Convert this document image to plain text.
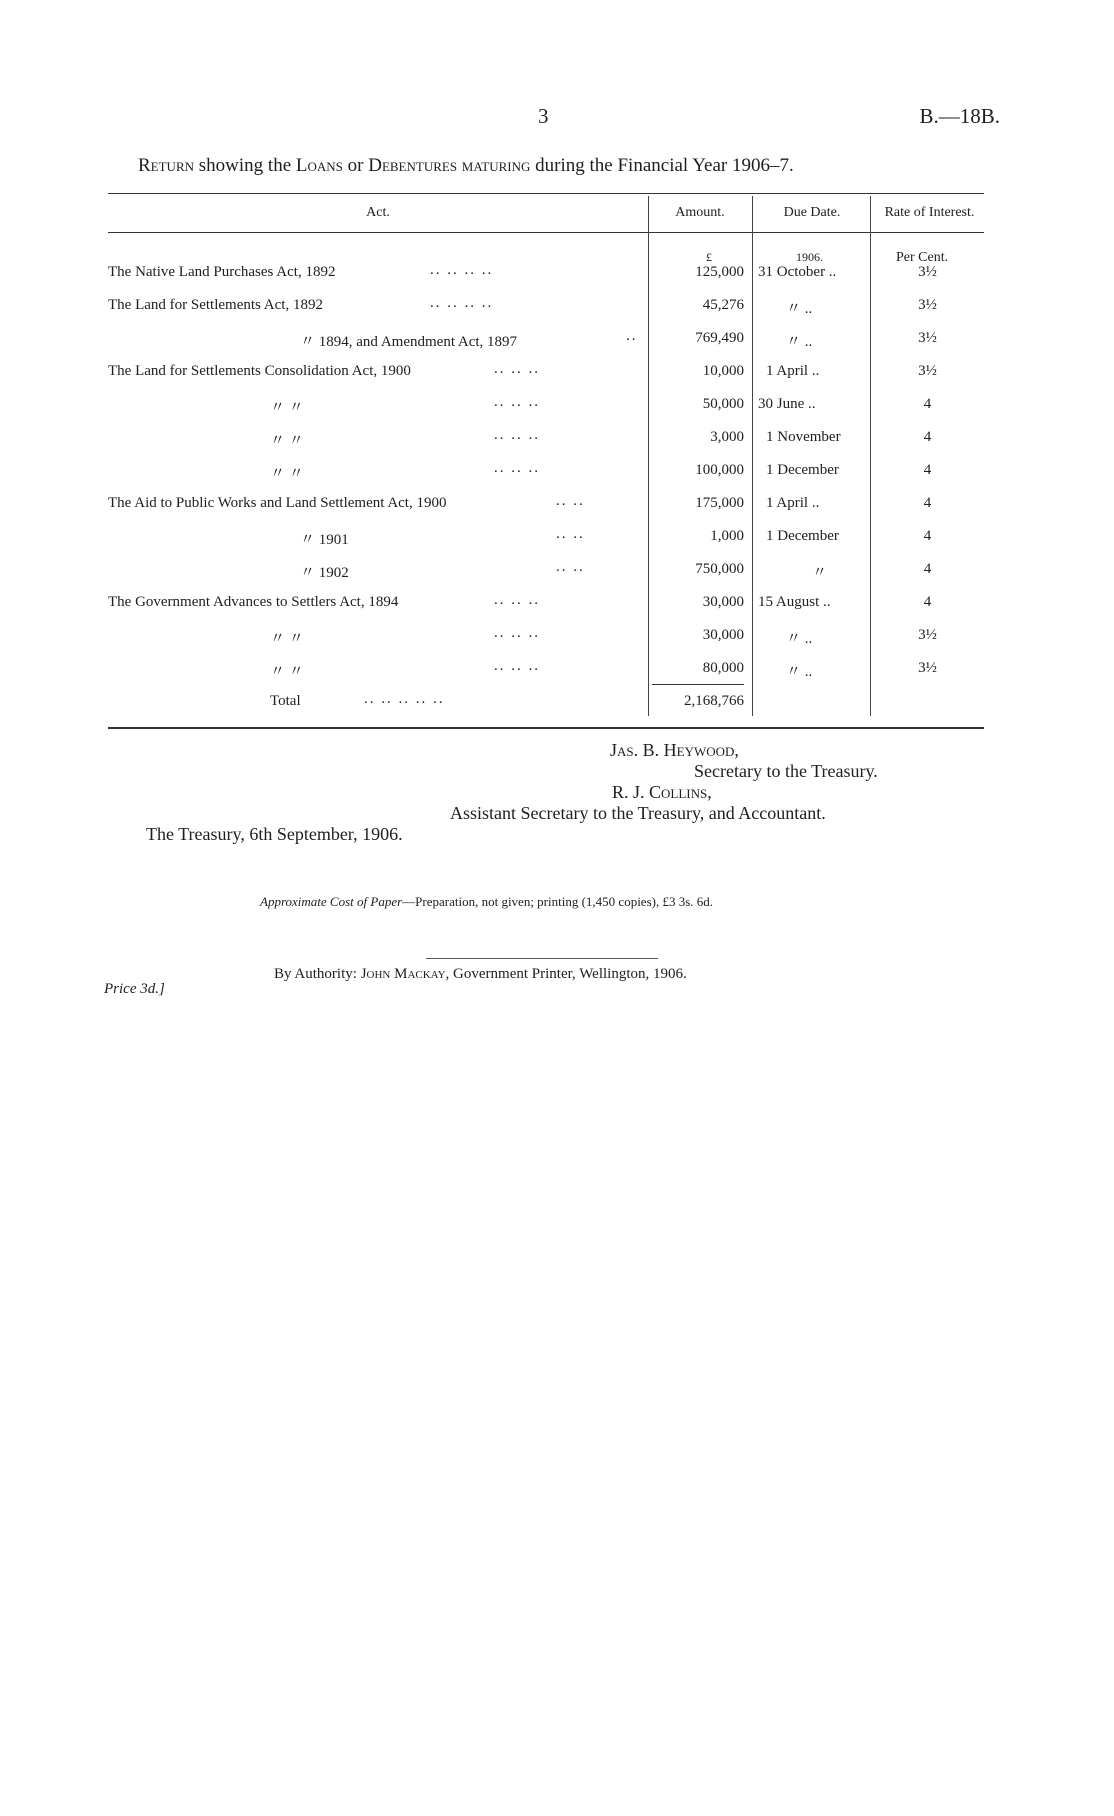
3	B.—18B.
Return showing the Loans or Debentures maturing during the Financial Year 1906–7.
Act.	Amount.	Due Date.	Rate of Interest.
£	1906.	Per Cent.
The Native Land Purchases Act, 1892	.. .. .. ..	125,000 31 October ..	3½
The Land for Settlements Act, 1892	.. .. .. ..	45,276	〃 ..	3½
〃 1894, and Amendment Act, 1897	..	769,490	〃 ..	3½
The Land for Settlements Consolidation Act, 1900	.. .. ..	10,000 1 April ..	3½
〃 〃	.. .. ..	50,000 30 June ..	4
〃 〃	.. .. ..	3,000 1 November	4
〃 〃	.. .. ..	100,000 1 December	4
The Aid to Public Works and Land Settlement Act, 1900	.. ..	175,000 1 April ..	4
〃 1901	.. ..	1,000 1 December	4
〃 1902	.. ..	750,000	〃	4
The Government Advances to Settlers Act, 1894	.. .. ..	30,000 15 August ..	4
〃 〃	.. .. ..	30,000	〃 ..	3½
〃 〃	.. .. ..	80,000	〃 ..	3½
Total	.. .. .. .. ..	2,168,766
Jas. B. Heywood,
Secretary to the Treasury.
R. J. Collins,
Assistant Secretary to the Treasury, and Accountant.
The Treasury, 6th September, 1906.
Approximate Cost of Paper—Preparation, not given; printing (1,450 copies), £3 3s. 6d.
By Authority: John Mackay, Government Printer, Wellington, 1906.
Price 3d.]
